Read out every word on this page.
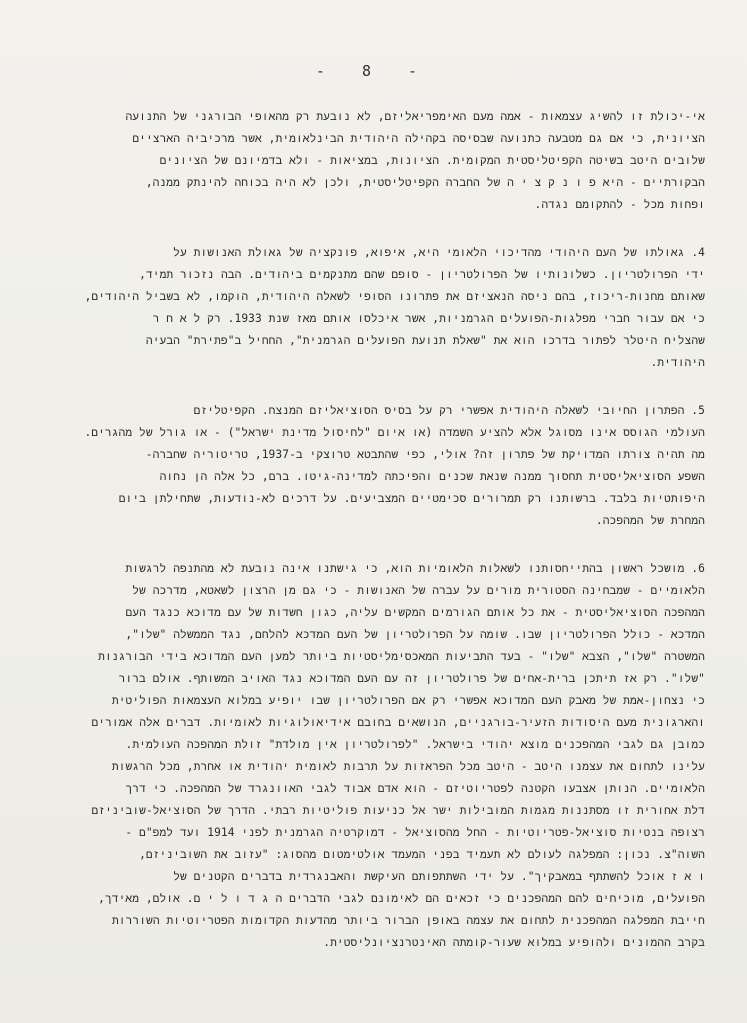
- 8 -
אי-יכולת זו להשיג עצמאות - אמה מעם האימפריאליזם, לא נובעת רק מהאופי הבורגני של התנועה
הציונית, כי אם גם מטבעה כתנועה שבסיסה בקהילה היהודית הבינלאומית, אשר מרכיביה הארציים
שלובים היטב בשיטה הקפיטליסטית המקומית. הציונות, במציאות - ולא בדמיונם של הציונים
הבקורתיים - היא פ ו נ ק צ י ה של החברה הקפיטליסטית, ולכן לא היה בכוחה להינתק ממנה,
ופחות מכל - להתקומם נגדה.
4. גאולתו של העם היהודי מהדיכוי הלאומי היא, איפוא, פונקציה של גאולת האנושות על
ידי הפרולטריון. כשלונותיו של הפרולטריון - סופם שהם מתנקמים ביהודים. הבה נזכור תמיד,
שאותם מחנות-ריכוז, בהם ניסה הנאציזם את פתרונו הסופי לשאלה היהודית, הוקמו, לא בשביל היהודים,
כי אם עבור חברי מפלגות-הפועלים הגרמניות, אשר איכלסו אותם מאז שנת 1933. רק ל א ח ר
שהצליח היטלר לפתור בדרכו הוא את "שאלת תנועת הפועלים הגרמנית", החחיל ב"פתירת" הבעיה
היהודית.
5. הפתרון החיובי לשאלה היהודית אפשרי רק על בסיס הסוציאליזם המנצח. הקפיטליזם
העולמי הגוסס אינו מסוגל אלא להציע השמדה (או איום "לחיסול מדינת ישראל") - או גורל של מהגרים.
מה תהיה צורתו המדויקת של פתרון זה? אולי, כפי שהתבטא טרוצקי ב-1937, טריטוריה שחברה-
השפע הסוציאליסטית תחסוך ממנה שנאת שכנים והפיכתה למדינה-גיטו. ברם, כל אלה הן נחוה
היפותטיות בלבד. ברשותנו רק תמרורים סכימטיים המצביעים. על דרכים לא-נודעות, שתחילתן ביום
המחרת של המהפכה.
6. מושכל ראשון בהתייחסותנו לשאלות הלאומיות הוא, כי גישתנו אינה נובעת לא מהתנפה לרגשות
הלאומיים - שמבחינה הסטורית מורים על עברה של האנושות - כי גם מן הרצון לשאטא, מדרכה של
המהפכה הסוציאליסטית - את כל אותם הגורמים המקשים עליה, כגון חשדות של עם מדוכא כנגד העם
המדכא - כולל הפרולטריון שבו. שומה על הפרולטריון של העם המדכא להלחם, נגד הממשלה "שלו",
המשטרה "שלו", הצבא "שלו" - בעד התביעות המאכסימליסטיות ביותר למען העם המדוכא בידי הבורגנות
"שלו". רק אז תיתכן ברית-אחים של פרולטריון זה עם העם המדוכא נגד האויב המשותף. אולם ברור
כי נצחון-אמת של מאבק העם המדוכא אפשרי רק אם הפרולטריון שבו יופיע במלוא העצמאות הפוליטית
והארגונית מעם היסודות הזעיר-בורגניים, הנושאים בחובם אידיאולוגיות לאומיות. דברים אלה אמורים
כמובן גם לגבי המהפכנים מוצא יהודי בישראל. "לפרולטריון אין מולדת" זולת המהפכה העולמית.
עלינו לתחום את עצמנו היטב - היטב מכל הפראזות על תרבות לאומית יהודית או אחרת, מכל הרגשות
הלאומיים. הנותן אצבעו הקטנה לפטריוטיזם - הוא אדם אבוד לגבי האוונגרד של המהפכה. כי דרך
דלת אחורית זו מסתננות מגמות המובילות ישר אל כניעות פוליטיות רבתי. הדרך של הסוציאל-שוביניזם
רצופה בנטיות סוציאל-פטריוטיות - החל מהסוציאל - דמוקרטיה הגרמנית לפני 1914 ועד למפ"ם -
השוה"צ. נכון: המפלגה לעולם לא תעמיד בפני המעמד אולטימטום מהסוג: "עזוב את השוביניזם,
ו א ז אוכל להשתתף במאבקיך". על ידי השתתפותם העיקשת והאבנגרדית בדברים הקטנים של
הפועלים, מוכיחים להם המהפכנים כי זכאים הם לאימונם לגבי הדברים ה ג ד ו ל י ם. אולם, מאידך,
חייבת המפלגה המהפכנית לתחום את עצמה באופן הברור ביותר מהדעות הקדומות הפטריוטיות השוררות
בקרב ההמונים ולהופיע במלוא שעור-קומתה האינטרנציונליסטית.
